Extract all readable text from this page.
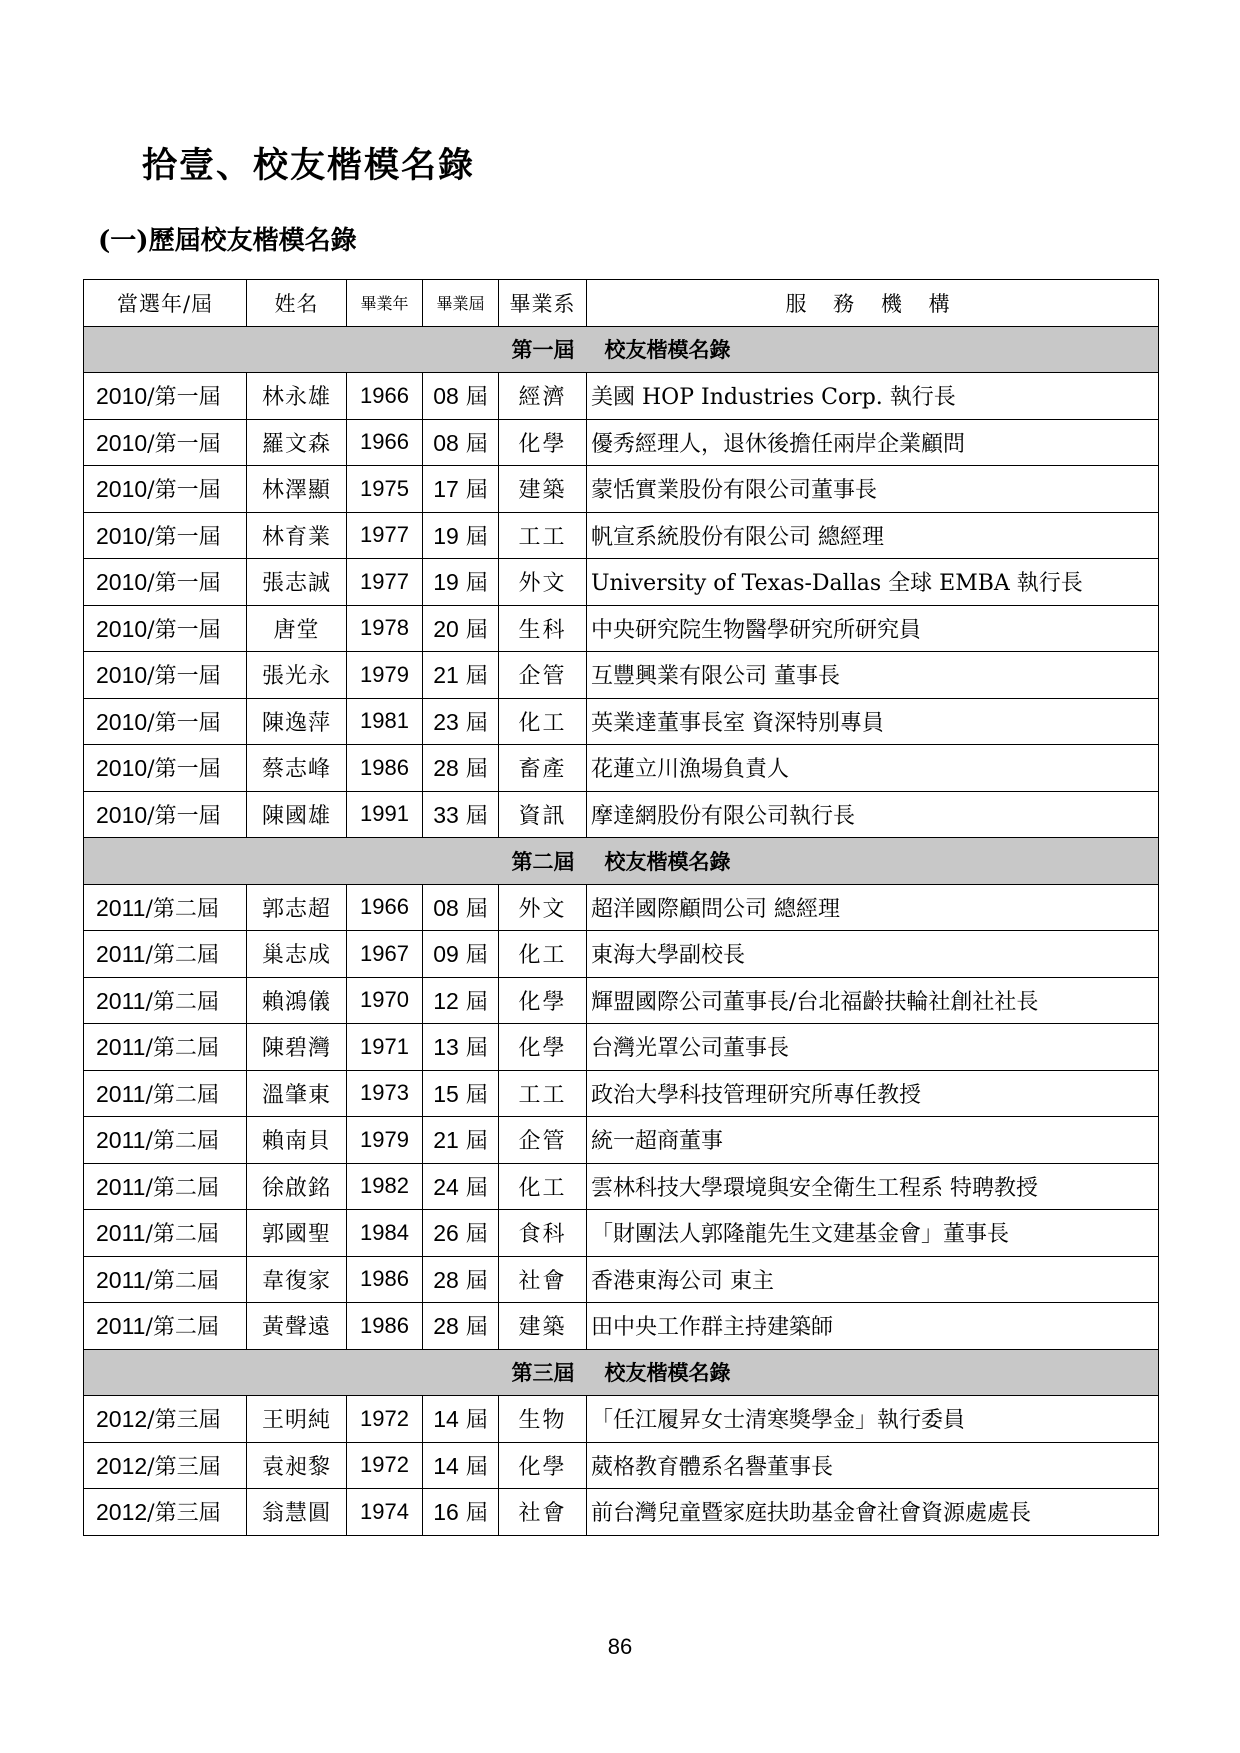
拾壹、校友楷模名錄
(一)歷屆校友楷模名錄
當選年/屆	姓名	畢業年	畢業屆	畢業系	服 務 機 構
第一屆 校友楷模名錄					
2010/第一屆	林永雄	1966	08 屆	經濟	美國 HOP Industries Corp. 執行長
2010/第一屆	羅文森	1966	08 屆	化學	優秀經理人，退休後擔任兩岸企業顧問
2010/第一屆	林澤顯	1975	17 屆	建築	蒙恬實業股份有限公司董事長
2010/第一屆	林育業	1977	19 屆	工工	帆宣系統股份有限公司 總經理
2010/第一屆	張志誠	1977	19 屆	外文	University of Texas-Dallas 全球 EMBA 執行長
2010/第一屆	唐堂	1978	20 屆	生科	中央研究院生物醫學研究所研究員
2010/第一屆	張光永	1979	21 屆	企管	互豐興業有限公司 董事長
2010/第一屆	陳逸萍	1981	23 屆	化工	英業達董事長室 資深特別專員
2010/第一屆	蔡志峰	1986	28 屆	畜產	花蓮立川漁場負責人
2010/第一屆	陳國雄	1991	33 屆	資訊	摩達網股份有限公司執行長
第二屆 校友楷模名錄					
2011/第二屆	郭志超	1966	08 屆	外文	超洋國際顧問公司 總經理
2011/第二屆	巢志成	1967	09 屆	化工	東海大學副校長
2011/第二屆	賴鴻儀	1970	12 屆	化學	輝盟國際公司董事長/台北福齡扶輪社創社社長
2011/第二屆	陳碧灣	1971	13 屆	化學	台灣光罩公司董事長
2011/第二屆	溫肇東	1973	15 屆	工工	政治大學科技管理研究所專任教授
2011/第二屆	賴南貝	1979	21 屆	企管	統一超商董事
2011/第二屆	徐啟銘	1982	24 屆	化工	雲林科技大學環境與安全衛生工程系 特聘教授
2011/第二屆	郭國聖	1984	26 屆	食科	「財團法人郭隆龍先生文建基金會」董事長
2011/第二屆	韋復家	1986	28 屆	社會	香港東海公司 東主
2011/第二屆	黃聲遠	1986	28 屆	建築	田中央工作群主持建築師
第三屆 校友楷模名錄					
2012/第三屆	王明純	1972	14 屆	生物	「任江履昇女士清寒獎學金」執行委員
2012/第三屆	袁昶黎	1972	14 屆	化學	葳格教育體系名譽董事長
2012/第三屆	翁慧圓	1974	16 屆	社會	前台灣兒童暨家庭扶助基金會社會資源處處長
86
